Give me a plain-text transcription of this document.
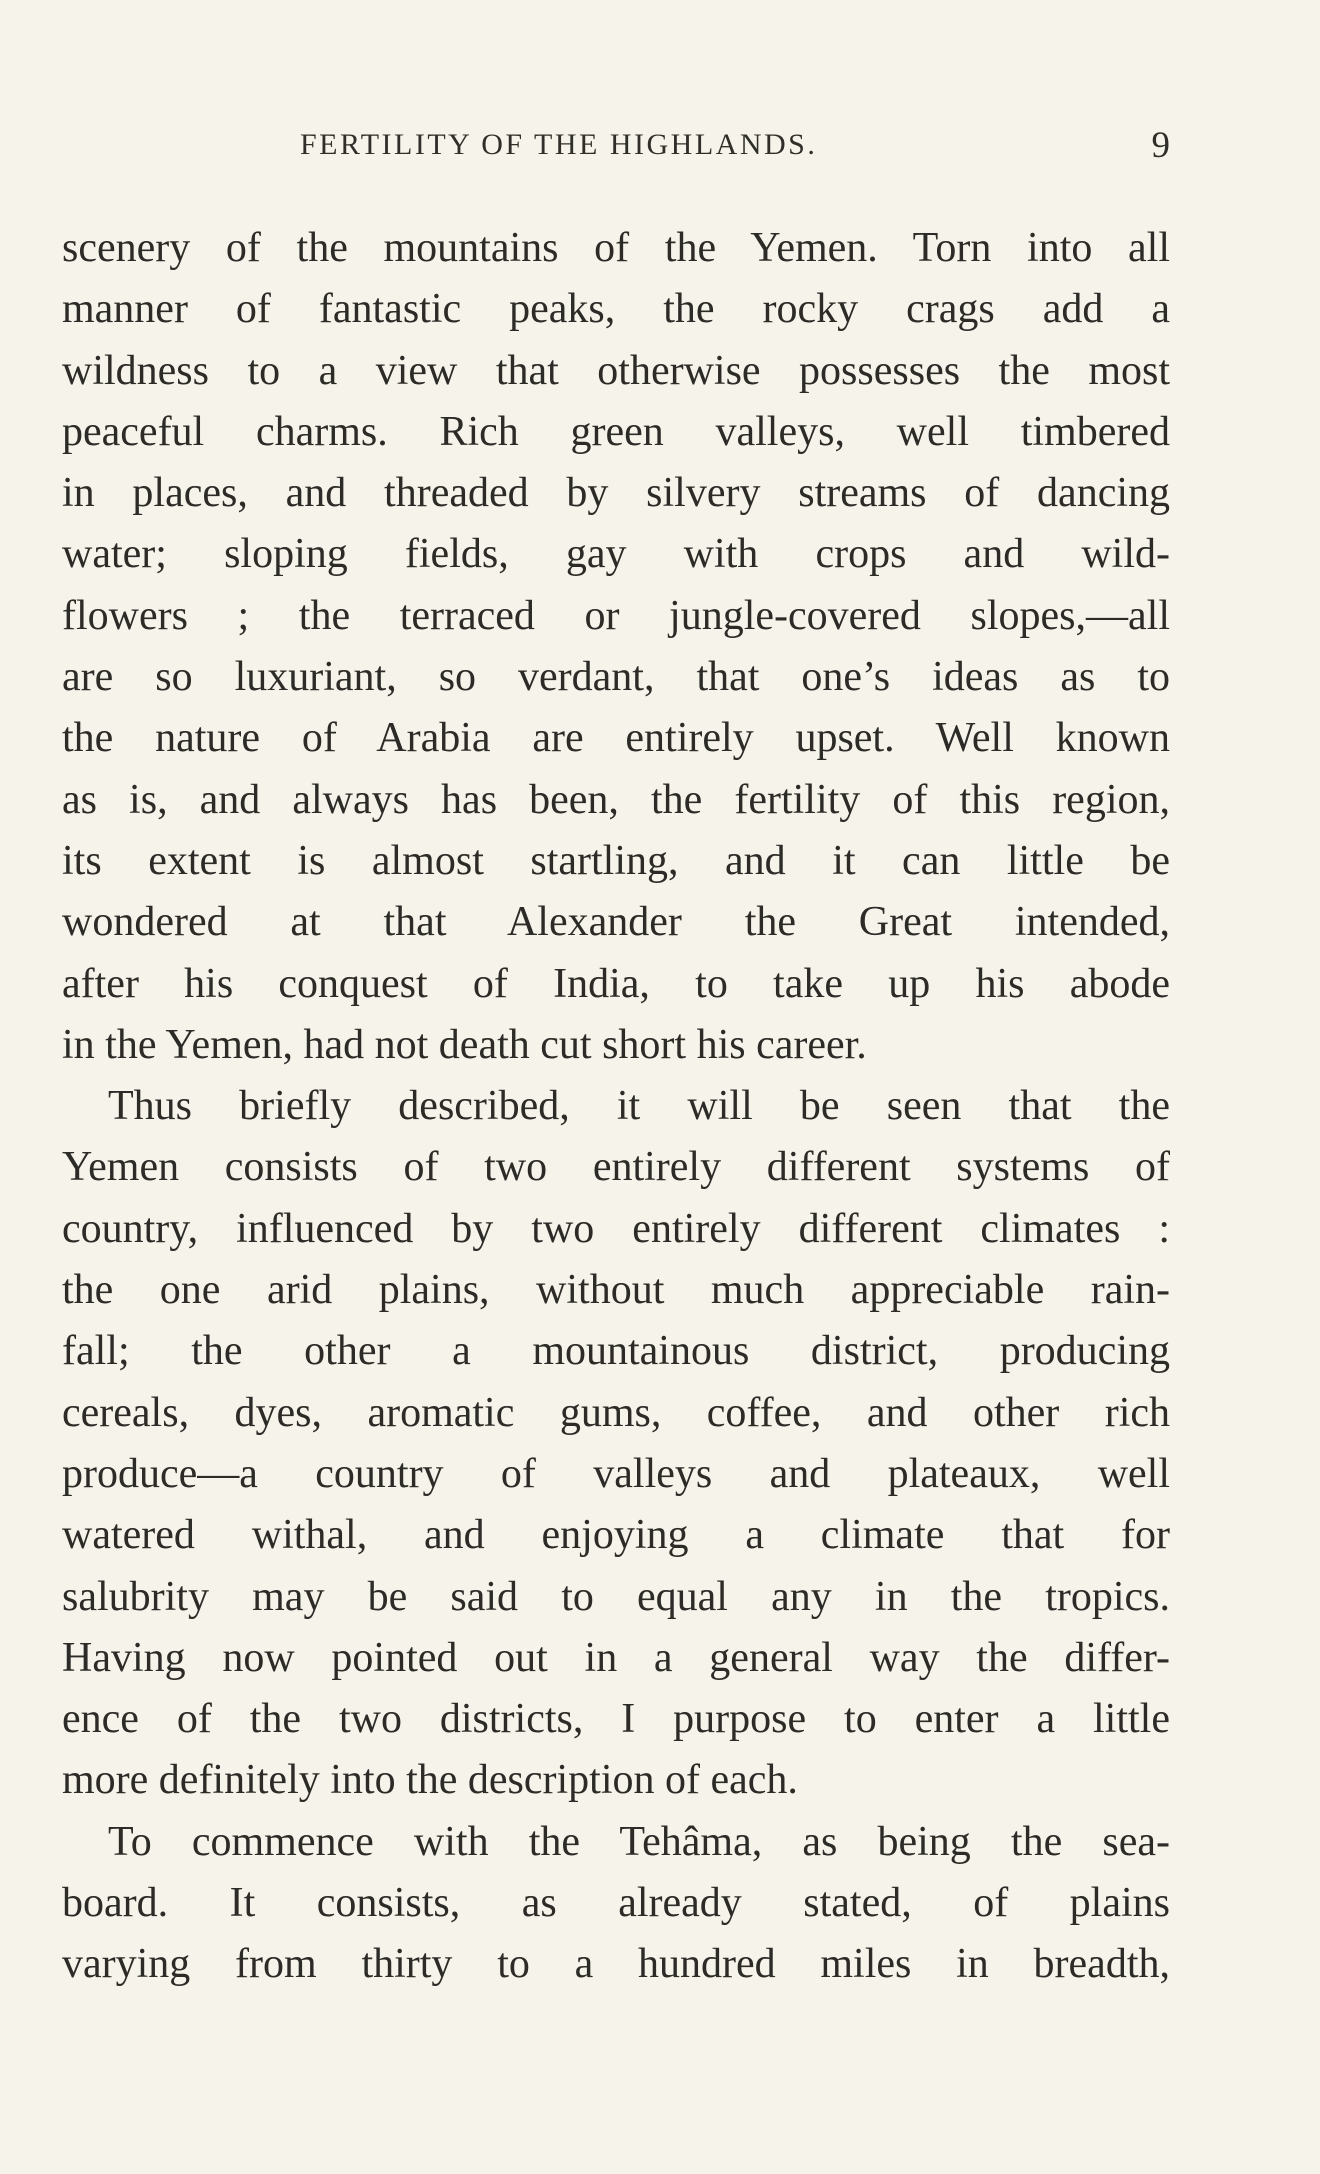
FERTILITY OF THE HIGHLANDS.	9
scenery of the mountains of the Yemen. Torn into all
manner of fantastic peaks, the rocky crags add a
wildness to a view that otherwise possesses the most
peaceful charms. Rich green valleys, well timbered
in places, and threaded by silvery streams of dancing
water; sloping fields, gay with crops and wild-
flowers ; the terraced or jungle-covered slopes,—all
are so luxuriant, so verdant, that one’s ideas as to
the nature of Arabia are entirely upset. Well known
as is, and always has been, the fertility of this region,
its extent is almost startling, and it can little be
wondered at that Alexander the Great intended,
after his conquest of India, to take up his abode
in the Yemen, had not death cut short his career.
Thus briefly described, it will be seen that the
Yemen consists of two entirely different systems of
country, influenced by two entirely different climates :
the one arid plains, without much appreciable rain-
fall; the other a mountainous district, producing
cereals, dyes, aromatic gums, coffee, and other rich
produce—a country of valleys and plateaux, well
watered withal, and enjoying a climate that for
salubrity may be said to equal any in the tropics.
Having now pointed out in a general way the differ-
ence of the two districts, I purpose to enter a little
more definitely into the description of each.
To commence with the Tehâma, as being the sea-
board. It consists, as already stated, of plains
varying from thirty to a hundred miles in breadth,
